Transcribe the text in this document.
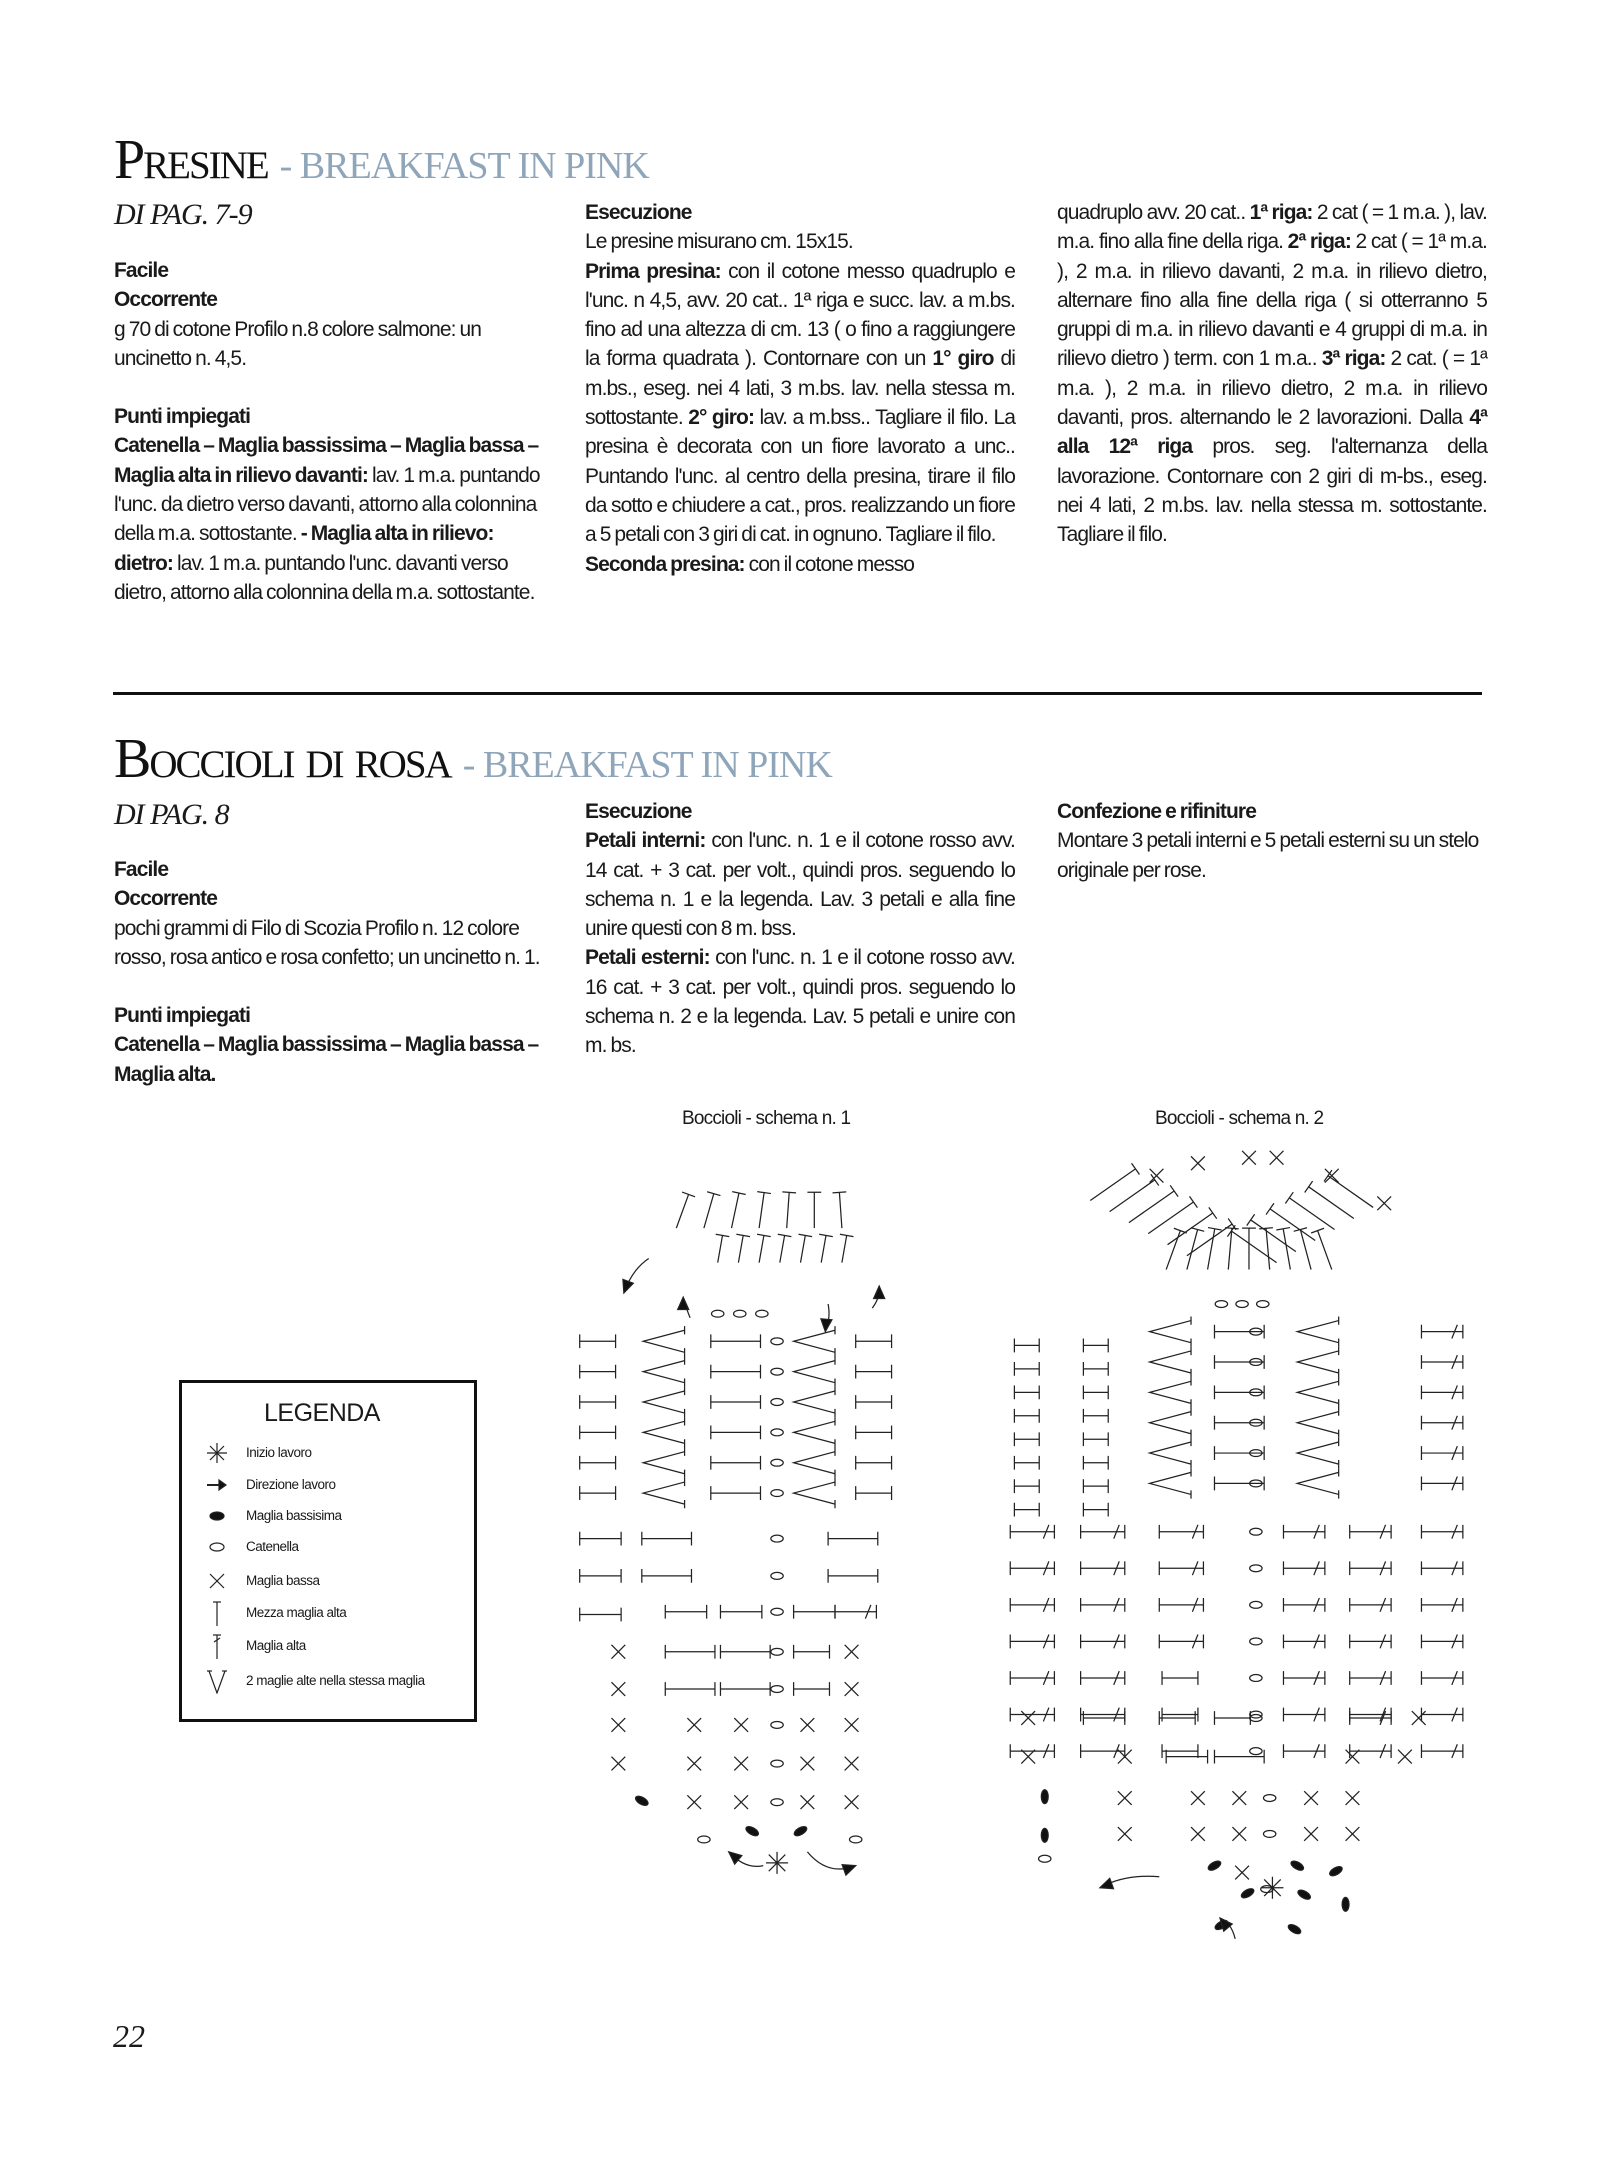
Presine - BREAKFAST IN PINK
DI PAG. 7-9

Facile

Occorrente

g 70 di cotone Profilo n.8 colore salmone: un uncinetto n. 4,5.

Punti impiegati

Catenella – Maglia bassissima – Maglia bassa – Maglia alta in rilievo davanti: lav. 1 m.a. puntando l'unc. da dietro verso davanti, attorno alla colonnina della m.a. sottostante. - Maglia alta in rilievo: dietro: lav. 1 m.a. puntando l'unc. davanti verso dietro, attorno alla colonnina della m.a. sottostante.

Esecuzione

Le presine misurano cm. 15x15.

Prima presina: con il cotone messo quadruplo e l'unc. n 4,5, avv. 20 cat.. 1ª riga e succ. lav. a m.bs. fino ad una altezza di cm. 13 ( o fino a raggiungere la forma quadrata ). Contornare con un 1° giro di m.bs., eseg. nei 4 lati, 3 m.bs. lav. nella stessa m. sottostante. 2° giro: lav. a m.bss.. Tagliare il filo. La presina è decorata con un fiore lavorato a unc.. Puntando l'unc. al centro della presina, tirare il filo da sotto e chiudere a cat., pros. realizzando un fiore a 5 petali con 3 giri di cat. in ognuno. Tagliare il filo.

Seconda presina: con il cotone messo

quadruplo avv. 20 cat.. 1ª riga: 2 cat ( = 1 m.a. ), lav. m.a. fino alla fine della riga. 2ª riga: 2 cat ( = 1ª m.a. ), 2 m.a. in rilievo davanti, 2 m.a. in rilievo dietro, alternare fino alla fine della riga ( si otterranno 5 gruppi di m.a. in rilievo davanti e 4 gruppi di m.a. in rilievo dietro ) term. con 1 m.a.. 3ª riga: 2 cat. ( = 1ª m.a. ), 2 m.a. in rilievo dietro, 2 m.a. in rilievo davanti, pros. alternando le 2 lavorazioni. Dalla 4ª alla 12ª riga pros. seg. l'alternanza della lavorazione. Contornare con 2 giri di m-bs., eseg. nei 4 lati, 2 m.bs. lav. nella stessa m. sottostante. Tagliare il filo.

Boccioli di rosa - BREAKFAST IN PINK
DI PAG. 8

Facile

Occorrente

pochi grammi di Filo di Scozia Profilo n. 12 colore rosso, rosa antico e rosa confetto; un uncinetto n. 1.

Punti impiegati

Catenella – Maglia bassissima – Maglia bassa – Maglia alta.

Esecuzione

Petali interni: con l'unc. n. 1 e il cotone rosso avv. 14 cat. + 3 cat. per volt., quindi pros. seguendo lo schema n. 1 e la legenda. Lav. 3 petali e alla fine unire questi con 8 m. bss.

Petali esterni: con l'unc. n. 1 e il cotone rosso avv. 16 cat. + 3 cat. per volt., quindi pros. seguendo lo schema n. 2 e la legenda. Lav. 5 petali e unire con m. bs.

Confezione e rifiniture

Montare 3 petali interni e 5 petali esterni su un stelo originale per rose.

Boccioli - schema n. 1	Boccioli - schema n. 2
LEGENDA
Inizio lavoro
Direzione lavoro
Maglia bassisima
Catenella
Maglia bassa
Mezza maglia alta
Maglia alta
2 maglie alte nella stessa maglia
22
